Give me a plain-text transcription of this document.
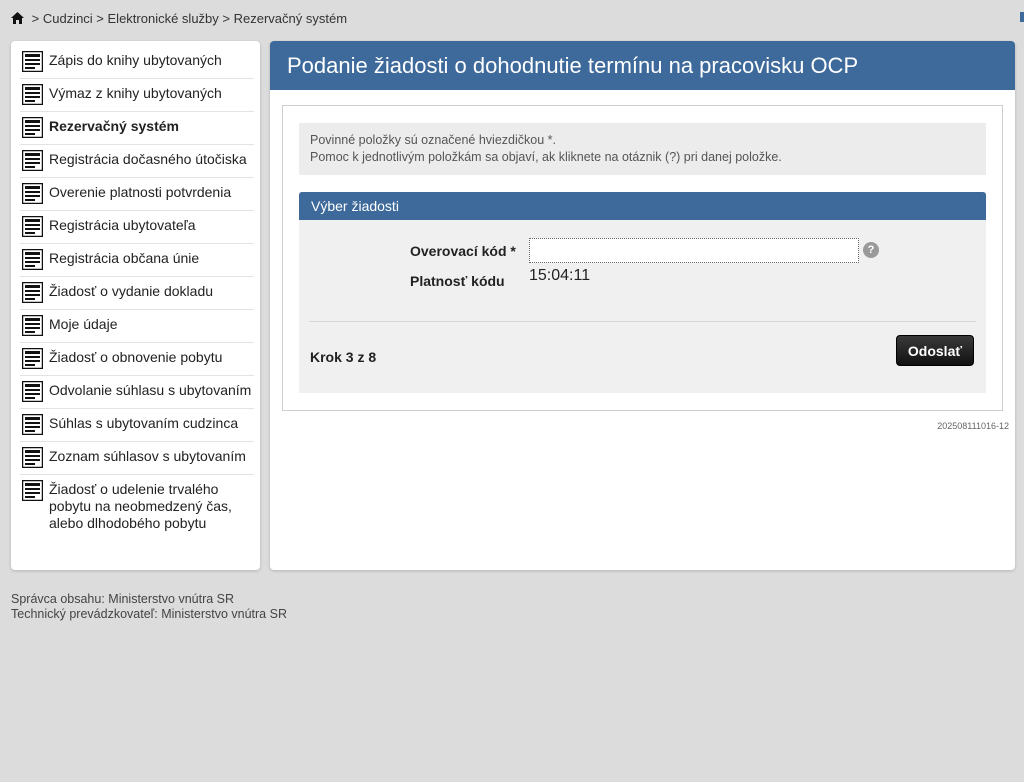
> Cudzinci > Elektronické služby > Rezervačný systém
Zápis do knihy ubytovaných
Výmaz z knihy ubytovaných
Rezervačný systém
Registrácia dočasného útočiska
Overenie platnosti potvrdenia
Registrácia ubytovateľa
Registrácia občana únie
Žiadosť o vydanie dokladu
Moje údaje
Žiadosť o obnovenie pobytu
Odvolanie súhlasu s ubytovaním
Súhlas s ubytovaním cudzinca
Zoznam súhlasov s ubytovaním
Žiadosť o udelenie trvalého pobytu na neobmedzený čas, alebo dlhodobého pobytu
Podanie žiadosti o dohodnutie termínu na pracovisku OCP
Povinné položky sú označené hviezdičkou *.
Pomoc k jednotlivým položkám sa objaví, ak kliknete na otáznik (?) pri danej položke.
Výber žiadosti
Overovací kód *	?
Platnosť kódu 15:04:11
Krok 3 z 8	Odoslať
202508111016-12
Správca obsahu: Ministerstvo vnútra SR
Technický prevádzkovateľ: Ministerstvo vnútra SR
